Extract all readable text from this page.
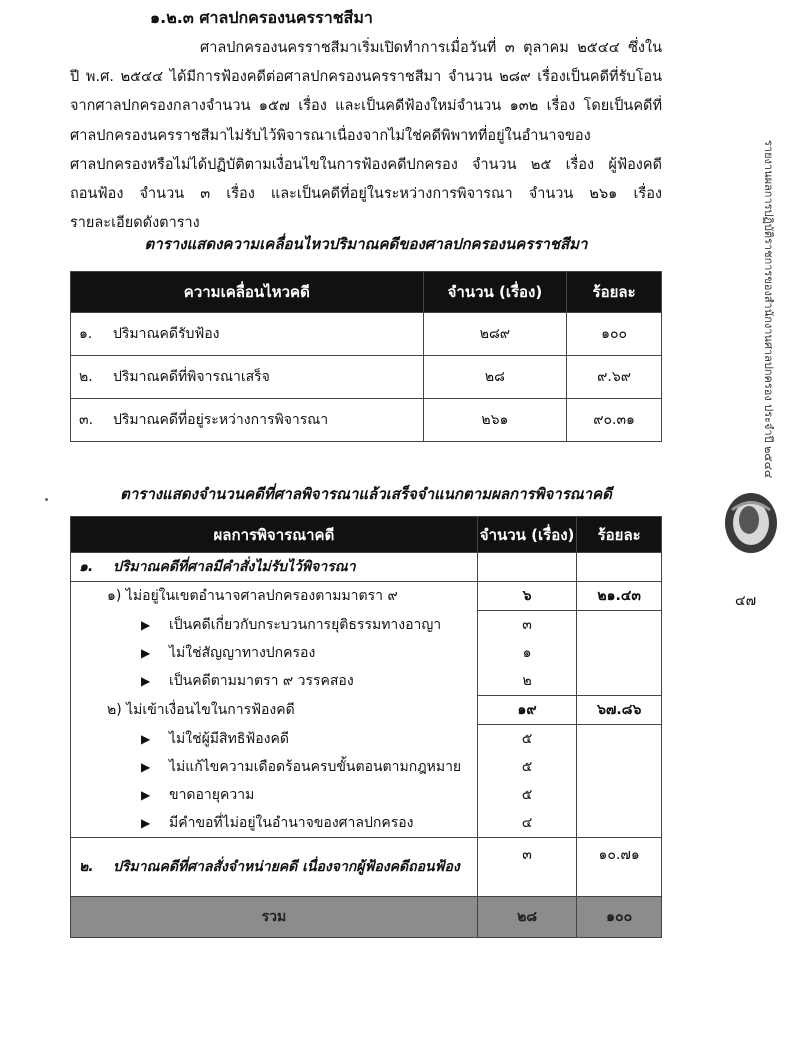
๑.๒.๓ ศาลปกครองนครราชสีมา
ศาลปกครองนครราชสีมาเริ่มเปิดทำการเมื่อวันที่ ๓ ตุลาคม ๒๕๔๔ ซึ่งใน
ปี พ.ศ. ๒๕๔๔ ได้มีการฟ้องคดีต่อศาลปกครองนครราชสีมา จำนวน ๒๘๙ เรื่องเป็นคดีที่รับโอน
จากศาลปกครองกลางจำนวน ๑๕๗ เรื่อง และเป็นคดีฟ้องใหม่จำนวน ๑๓๒ เรื่อง โดยเป็นคดีที่
ศาลปกครองนครราชสีมาไม่รับไว้พิจารณาเนื่องจากไม่ใช่คดีพิพาทที่อยู่ในอำนาจของ
ศาลปกครองหรือไม่ได้ปฏิบัติตามเงื่อนไขในการฟ้องคดีปกครอง จำนวน ๒๕ เรื่อง ผู้ฟ้องคดี
ถอนฟ้อง จำนวน ๓ เรื่อง และเป็นคดีที่อยู่ในระหว่างการพิจารณา จำนวน ๒๖๑ เรื่อง
รายละเอียดดังตาราง
ตารางแสดงความเคลื่อนไหวปริมาณคดีของศาลปกครองนครราชสีมา
ความเคลื่อนไหวคดี	จำนวน (เรื่อง)	ร้อยละ
๑. ปริมาณคดีรับฟ้อง	๒๘๙	๑๐๐
๒. ปริมาณคดีที่พิจารณาเสร็จ	๒๘	๙.๖๙
๓. ปริมาณคดีที่อยู่ระหว่างการพิจารณา	๒๖๑	๙๐.๓๑
ตารางแสดงจำนวนคดีที่ศาลพิจารณาแล้วเสร็จจำแนกตามผลการพิจารณาคดี
ผลการพิจารณาคดี	จำนวน (เรื่อง)	ร้อยละ
๑. ปริมาณคดีที่ศาลมีคำสั่งไม่รับไว้พิจารณา		
๑) ไม่อยู่ในเขตอำนาจศาลปกครองตามมาตรา ๙	๖	๒๑.๔๓
▶ เป็นคดีเกี่ยวกับกระบวนการยุติธรรมทางอาญา	๓	
▶ ไม่ใช่สัญญาทางปกครอง	๑	
▶ เป็นคดีตามมาตรา ๙ วรรคสอง	๒	
๒) ไม่เข้าเงื่อนไขในการฟ้องคดี	๑๙	๖๗.๘๖
▶ ไม่ใช่ผู้มีสิทธิฟ้องคดี	๕	
▶ ไม่แก้ไขความเดือดร้อนครบขั้นตอนตามกฎหมาย	๕	
▶ ขาดอายุความ	๕	
▶ มีคำขอที่ไม่อยู่ในอำนาจของศาลปกครอง	๔	
๒. ปริมาณคดีที่ศาลสั่งจำหน่ายคดี เนื่องจากผู้ฟ้องคดีถอนฟ้อง	๓	๑๐.๗๑
รวม	๒๘	๑๐๐
รายงานผลการปฏิบัติราชการของสำนักงานศาลปกครอง ประจำปี ๒๕๔๔
๔๗
